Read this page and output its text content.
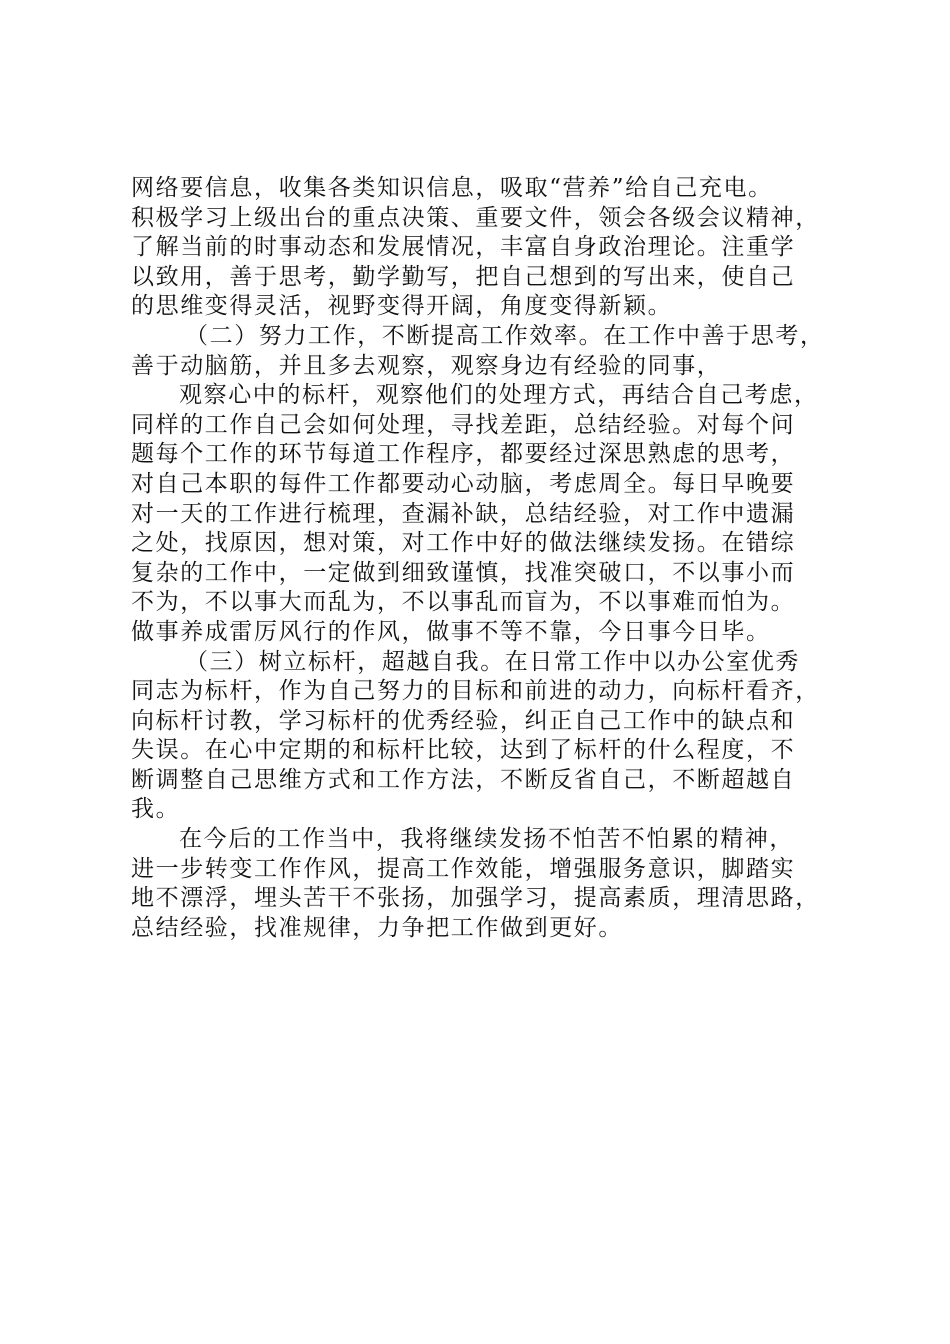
网络要信息，收集各类知识信息，吸取“营养”给自己充电。
积极学习上级出台的重点决策、重要文件，领会各级会议精神，
了解当前的时事动态和发展情况，丰富自身政治理论。注重学
以致用，善于思考，勤学勤写，把自己想到的写出来，使自己
的思维变得灵活，视野变得开阔，角度变得新颖。
（二）努力工作，不断提高工作效率。在工作中善于思考，
善于动脑筋，并且多去观察，观察身边有经验的同事，
观察心中的标杆，观察他们的处理方式，再结合自己考虑，
同样的工作自己会如何处理，寻找差距，总结经验。对每个问
题每个工作的环节每道工作程序，都要经过深思熟虑的思考，
对自己本职的每件工作都要动心动脑，考虑周全。每日早晚要
对一天的工作进行梳理，查漏补缺，总结经验，对工作中遗漏
之处，找原因，想对策，对工作中好的做法继续发扬。在错综
复杂的工作中，一定做到细致谨慎，找准突破口，不以事小而
不为，不以事大而乱为，不以事乱而盲为，不以事难而怕为。
做事养成雷厉风行的作风，做事不等不靠，今日事今日毕。
（三）树立标杆，超越自我。在日常工作中以办公室优秀
同志为标杆，作为自己努力的目标和前进的动力，向标杆看齐，
向标杆讨教，学习标杆的优秀经验，纠正自己工作中的缺点和
失误。在心中定期的和标杆比较，达到了标杆的什么程度，不
断调整自己思维方式和工作方法，不断反省自己，不断超越自
我。
在今后的工作当中，我将继续发扬不怕苦不怕累的精神，
进一步转变工作作风，提高工作效能，增强服务意识，脚踏实
地不漂浮，埋头苦干不张扬，加强学习，提高素质，理清思路，
总结经验，找准规律，力争把工作做到更好。
